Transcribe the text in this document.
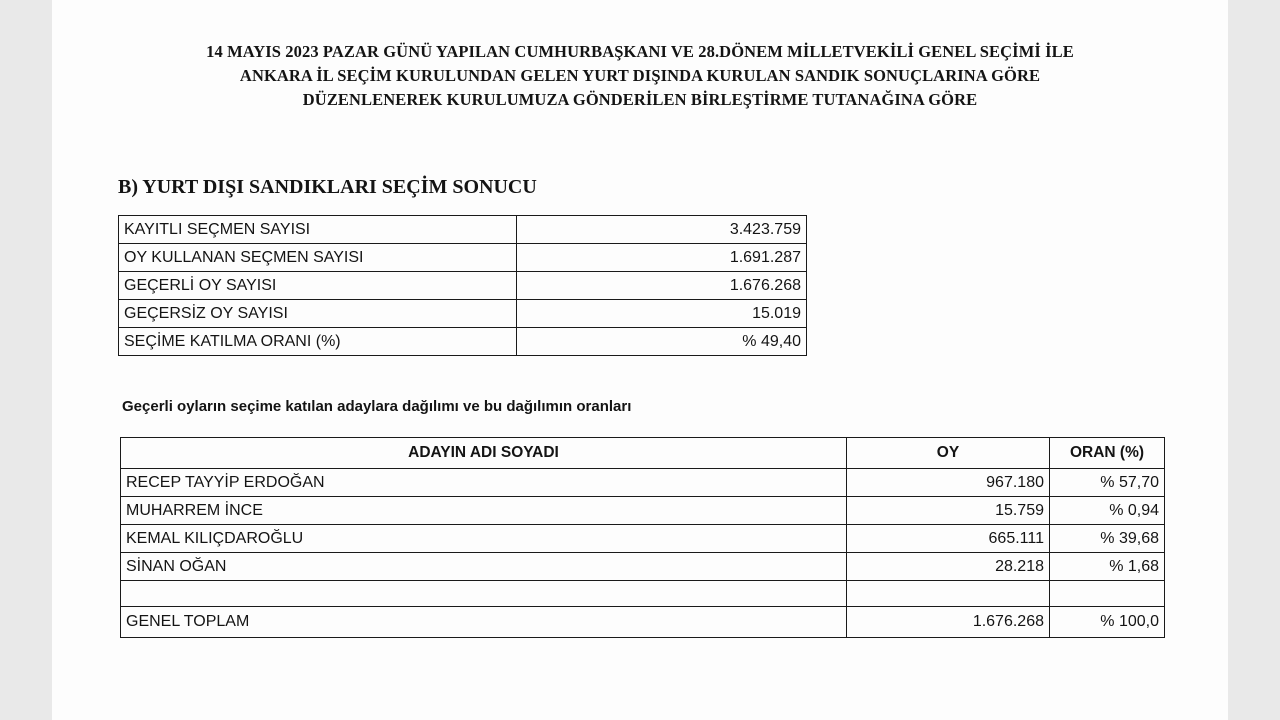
14 MAYIS 2023 PAZAR GÜNÜ YAPILAN CUMHURBAŞKANI VE 28.DÖNEM MİLLETVEKİLİ GENEL SEÇİMİ İLE
ANKARA İL SEÇİM KURULUNDAN GELEN YURT DIŞINDA KURULAN SANDIK SONUÇLARINA GÖRE
DÜZENLENEREK KURULUMUZA GÖNDERİLEN BİRLEŞTİRME TUTANAĞINA GÖRE
B) YURT DIŞI SANDIKLARI SEÇİM SONUCU
KAYITLI SEÇMEN SAYISI	3.423.759
OY KULLANAN SEÇMEN SAYISI	1.691.287
GEÇERLİ OY SAYISI	1.676.268
GEÇERSİZ OY SAYISI	15.019
SEÇİME KATILMA ORANI (%)	% 49,40
Geçerli oyların seçime katılan adaylara dağılımı ve bu dağılımın oranları
ADAYIN ADI SOYADI	OY	ORAN (%)
RECEP TAYYİP ERDOĞAN	967.180	% 57,70
MUHARREM İNCE	15.759	% 0,94
KEMAL KILIÇDAROĞLU	665.111	% 39,68
SİNAN OĞAN	28.218	% 1,68

GENEL TOPLAM	1.676.268	% 100,0
